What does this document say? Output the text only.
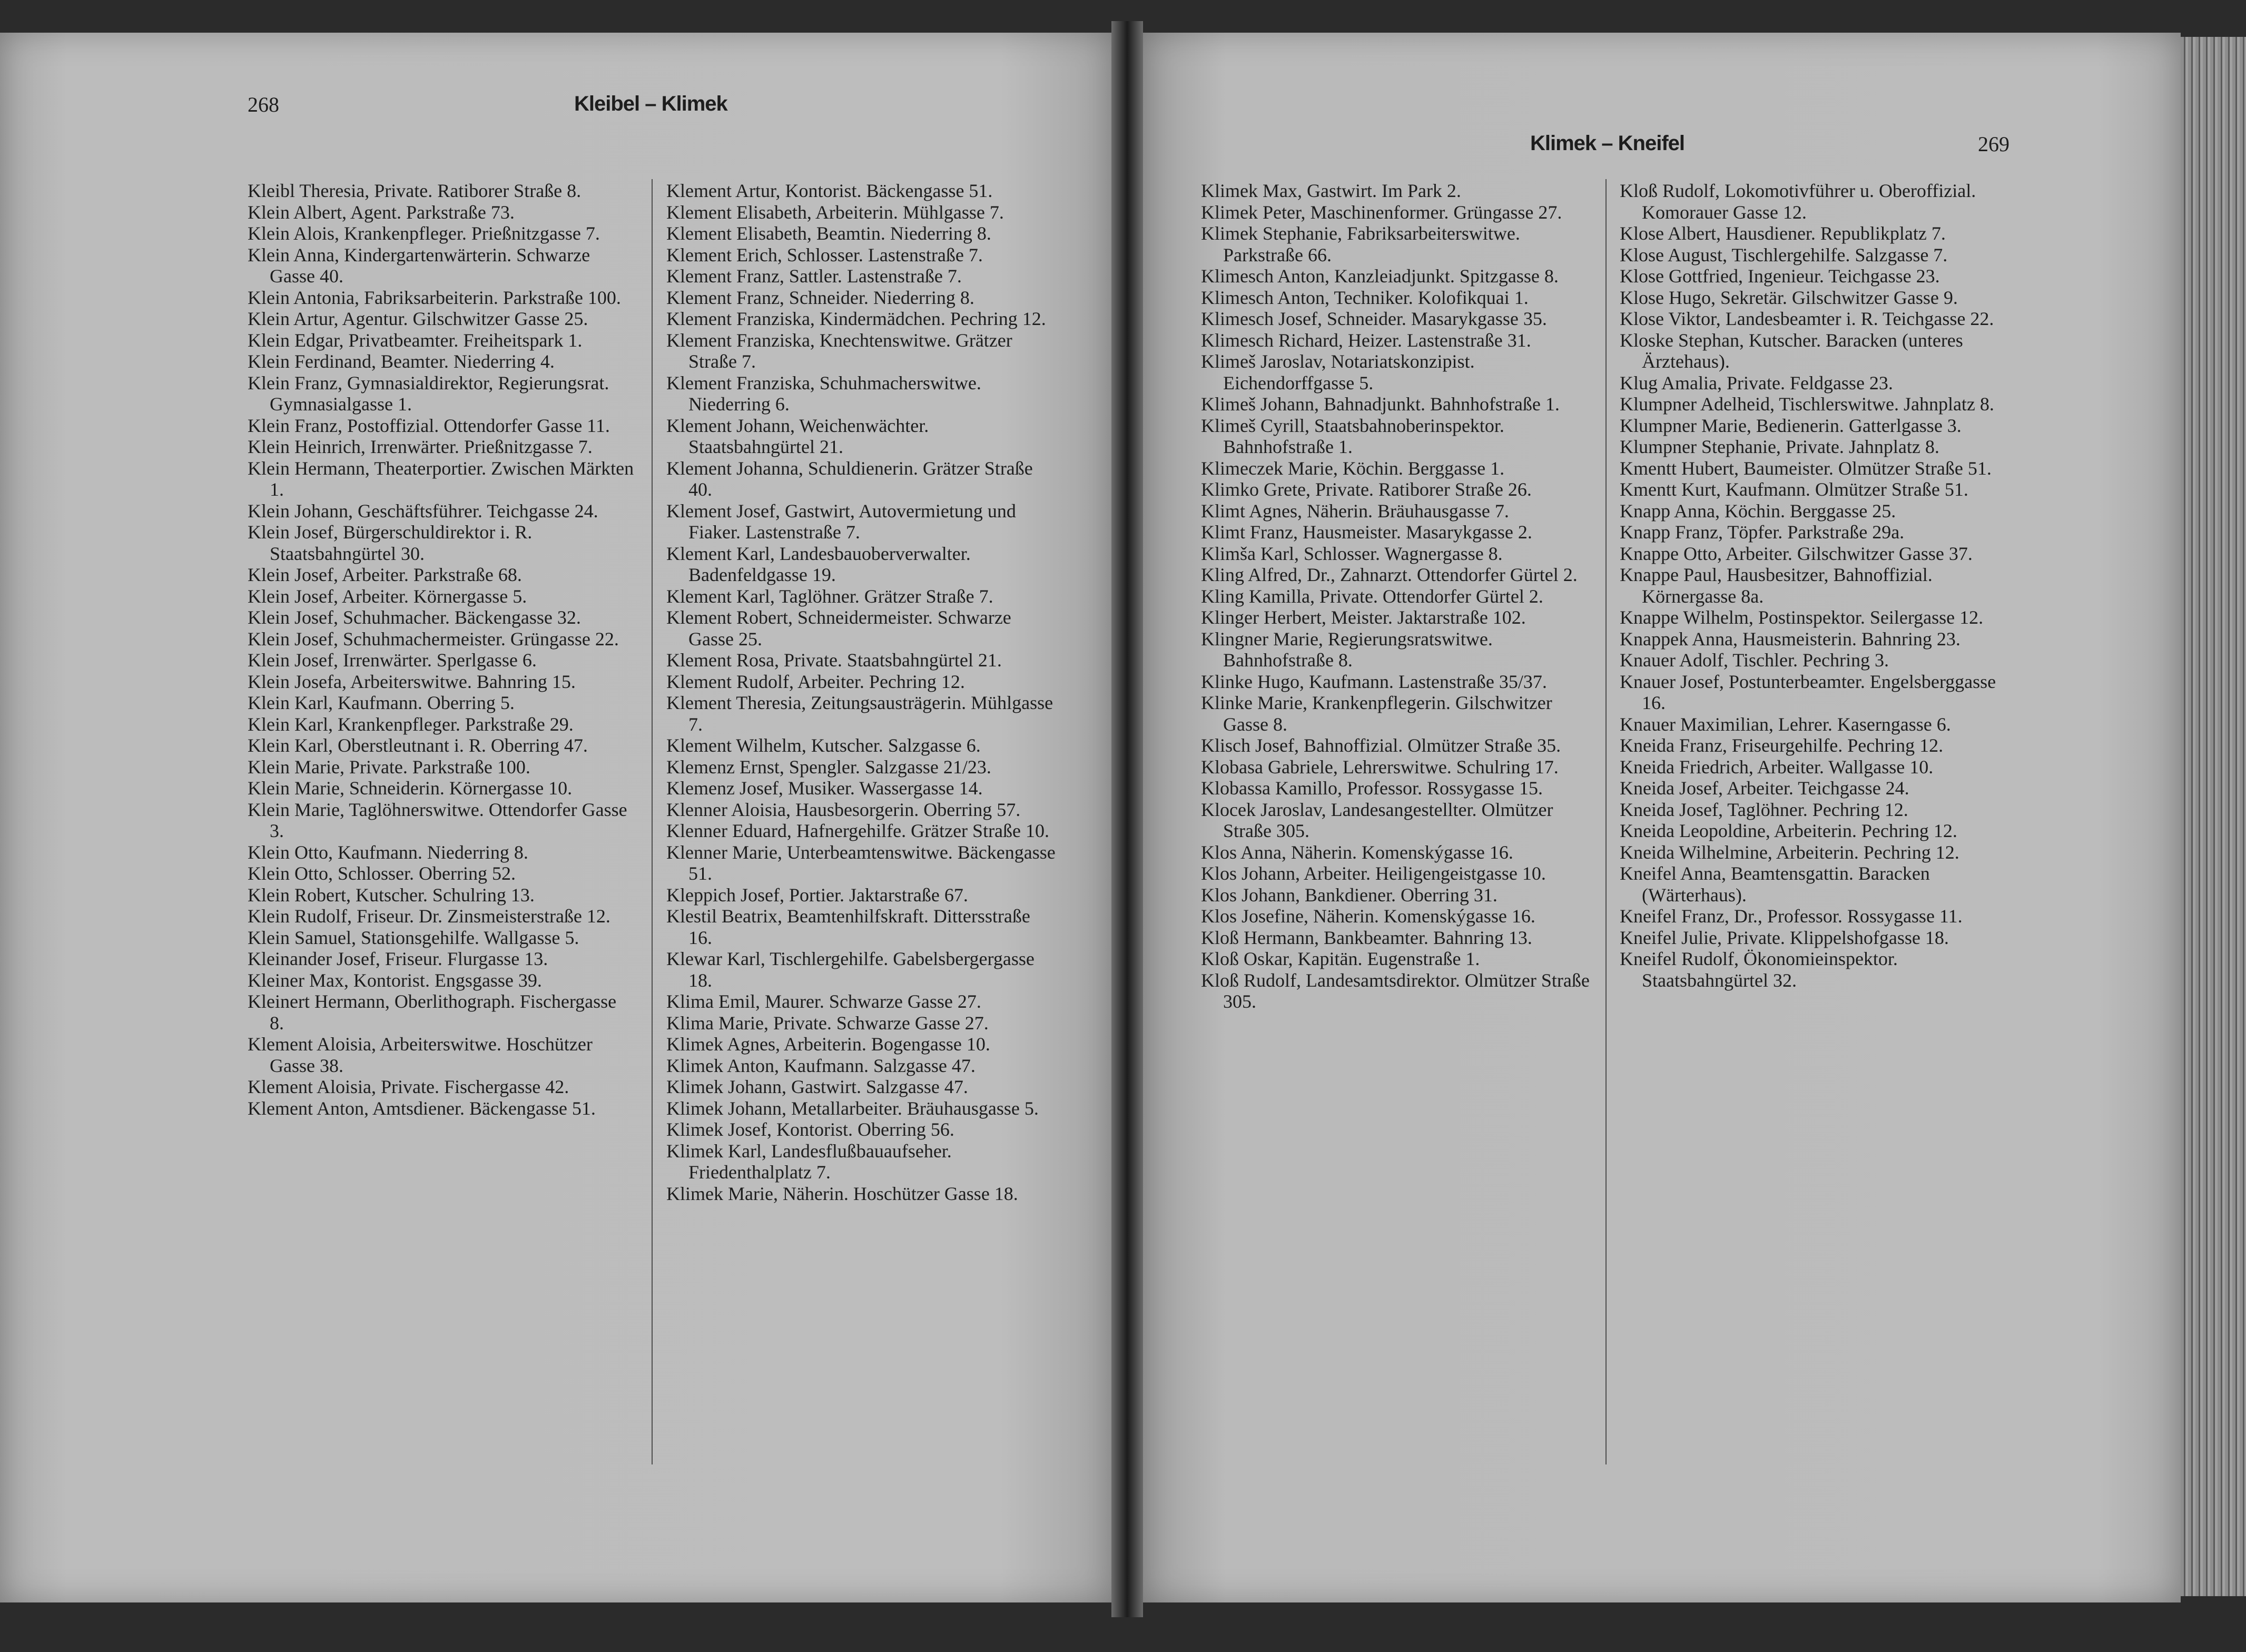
268	Kleibel – Klimek
Klimek – Kneifel	269

Kleibl Theresia, Private. Ratiborer Straße 8.

Klein Albert, Agent. Parkstraße 73.

Klein Alois, Krankenpfleger. Prießnitzgasse 7.

Klein Anna, Kindergartenwärterin. Schwarze Gasse 40.

Klein Antonia, Fabriksarbeiterin. Parkstraße 100.

Klein Artur, Agentur. Gilschwitzer Gasse 25.

Klein Edgar, Privatbeamter. Freiheitspark 1.

Klein Ferdinand, Beamter. Niederring 4.

Klein Franz, Gymnasialdirektor, Regierungsrat. Gymnasialgasse 1.

Klein Franz, Postoffizial. Ottendorfer Gasse 11.

Klein Heinrich, Irrenwärter. Prießnitzgasse 7.

Klein Hermann, Theaterportier. Zwischen Märkten 1.

Klein Johann, Geschäftsführer. Teichgasse 24.

Klein Josef, Bürgerschuldirektor i. R. Staatsbahngürtel 30.

Klein Josef, Arbeiter. Parkstraße 68.

Klein Josef, Arbeiter. Körnergasse 5.

Klein Josef, Schuhmacher. Bäckengasse 32.

Klein Josef, Schuhmachermeister. Grüngasse 22.

Klein Josef, Irrenwärter. Sperlgasse 6.

Klein Josefa, Arbeiterswitwe. Bahnring 15.

Klein Karl, Kaufmann. Oberring 5.

Klein Karl, Krankenpfleger. Parkstraße 29.

Klein Karl, Oberstleutnant i. R. Oberring 47.

Klein Marie, Private. Parkstraße 100.

Klein Marie, Schneiderin. Körnergasse 10.

Klein Marie, Taglöhnerswitwe. Ottendorfer Gasse 3.

Klein Otto, Kaufmann. Niederring 8.

Klein Otto, Schlosser. Oberring 52.

Klein Robert, Kutscher. Schulring 13.

Klein Rudolf, Friseur. Dr. Zinsmeisterstraße 12.

Klein Samuel, Stationsgehilfe. Wallgasse 5.

Kleinander Josef, Friseur. Flurgasse 13.

Kleiner Max, Kontorist. Engsgasse 39.

Kleinert Hermann, Oberlithograph. Fischergasse 8.

Klement Aloisia, Arbeiterswitwe. Hoschützer Gasse 38.

Klement Aloisia, Private. Fischergasse 42.

Klement Anton, Amtsdiener. Bäckengasse 51.

Klement Artur, Kontorist. Bäckengasse 51.

Klement Elisabeth, Arbeiterin. Mühlgasse 7.

Klement Elisabeth, Beamtin. Niederring 8.

Klement Erich, Schlosser. Lastenstraße 7.

Klement Franz, Sattler. Lastenstraße 7.

Klement Franz, Schneider. Niederring 8.

Klement Franziska, Kindermädchen. Pechring 12.

Klement Franziska, Knechtenswitwe. Grätzer Straße 7.

Klement Franziska, Schuhmacherswitwe. Niederring 6.

Klement Johann, Weichenwächter. Staatsbahngürtel 21.

Klement Johanna, Schuldienerin. Grätzer Straße 40.

Klement Josef, Gastwirt, Autovermietung und Fiaker. Lastenstraße 7.

Klement Karl, Landesbauoberverwalter. Badenfeldgasse 19.

Klement Karl, Taglöhner. Grätzer Straße 7.

Klement Robert, Schneidermeister. Schwarze Gasse 25.

Klement Rosa, Private. Staatsbahngürtel 21.

Klement Rudolf, Arbeiter. Pechring 12.

Klement Theresia, Zeitungsausträgerin. Mühlgasse 7.

Klement Wilhelm, Kutscher. Salzgasse 6.

Klemenz Ernst, Spengler. Salzgasse 21/23.

Klemenz Josef, Musiker. Wassergasse 14.

Klenner Aloisia, Hausbesorgerin. Oberring 57.

Klenner Eduard, Hafnergehilfe. Grätzer Straße 10.

Klenner Marie, Unterbeamtenswitwe. Bäckengasse 51.

Kleppich Josef, Portier. Jaktarstraße 67.

Klestil Beatrix, Beamtenhilfskraft. Dittersstraße 16.

Klewar Karl, Tischlergehilfe. Gabelsbergergasse 18.

Klima Emil, Maurer. Schwarze Gasse 27.

Klima Marie, Private. Schwarze Gasse 27.

Klimek Agnes, Arbeiterin. Bogengasse 10.

Klimek Anton, Kaufmann. Salzgasse 47.

Klimek Johann, Gastwirt. Salzgasse 47.

Klimek Johann, Metallarbeiter. Bräuhausgasse 5.

Klimek Josef, Kontorist. Oberring 56.

Klimek Karl, Landesflußbauaufseher. Friedenthalplatz 7.

Klimek Marie, Näherin. Hoschützer Gasse 18.

Klimek Max, Gastwirt. Im Park 2.

Klimek Peter, Maschinenformer. Grüngasse 27.

Klimek Stephanie, Fabriksarbeiterswitwe. Parkstraße 66.

Klimesch Anton, Kanzleiadjunkt. Spitzgasse 8.

Klimesch Anton, Techniker. Kolofikquai 1.

Klimesch Josef, Schneider. Masarykgasse 35.

Klimesch Richard, Heizer. Lastenstraße 31.

Klimeš Jaroslav, Notariatskonzipist. Eichendorffgasse 5.

Klimeš Johann, Bahnadjunkt. Bahnhofstraße 1.

Klimeš Cyrill, Staatsbahnoberinspektor. Bahnhofstraße 1.

Klimeczek Marie, Köchin. Berggasse 1.

Klimko Grete, Private. Ratiborer Straße 26.

Klimt Agnes, Näherin. Bräuhausgasse 7.

Klimt Franz, Hausmeister. Masarykgasse 2.

Klimša Karl, Schlosser. Wagnergasse 8.

Kling Alfred, Dr., Zahnarzt. Ottendorfer Gürtel 2.

Kling Kamilla, Private. Ottendorfer Gürtel 2.

Klinger Herbert, Meister. Jaktarstraße 102.

Klingner Marie, Regierungsratswitwe. Bahnhofstraße 8.

Klinke Hugo, Kaufmann. Lastenstraße 35/37.

Klinke Marie, Krankenpflegerin. Gilschwitzer Gasse 8.

Klisch Josef, Bahnoffizial. Olmützer Straße 35.

Klobasa Gabriele, Lehrerswitwe. Schulring 17.

Klobassa Kamillo, Professor. Rossygasse 15.

Klocek Jaroslav, Landesangestellter. Olmützer Straße 305.

Klos Anna, Näherin. Komenskýgasse 16.

Klos Johann, Arbeiter. Heiligengeistgasse 10.

Klos Johann, Bankdiener. Oberring 31.

Klos Josefine, Näherin. Komenskýgasse 16.

Kloß Hermann, Bankbeamter. Bahnring 13.

Kloß Oskar, Kapitän. Eugenstraße 1.

Kloß Rudolf, Landesamtsdirektor. Olmützer Straße 305.

Kloß Rudolf, Lokomotivführer u. Oberoffizial. Komorauer Gasse 12.

Klose Albert, Hausdiener. Republikplatz 7.

Klose August, Tischlergehilfe. Salzgasse 7.

Klose Gottfried, Ingenieur. Teichgasse 23.

Klose Hugo, Sekretär. Gilschwitzer Gasse 9.

Klose Viktor, Landesbeamter i. R. Teichgasse 22.

Kloske Stephan, Kutscher. Baracken (unteres Ärztehaus).

Klug Amalia, Private. Feldgasse 23.

Klumpner Adelheid, Tischlerswitwe. Jahnplatz 8.

Klumpner Marie, Bedienerin. Gatterlgasse 3.

Klumpner Stephanie, Private. Jahnplatz 8.

Kmentt Hubert, Baumeister. Olmützer Straße 51.

Kmentt Kurt, Kaufmann. Olmützer Straße 51.

Knapp Anna, Köchin. Berggasse 25.

Knapp Franz, Töpfer. Parkstraße 29a.

Knappe Otto, Arbeiter. Gilschwitzer Gasse 37.

Knappe Paul, Hausbesitzer, Bahnoffizial. Körnergasse 8a.

Knappe Wilhelm, Postinspektor. Seilergasse 12.

Knappek Anna, Hausmeisterin. Bahnring 23.

Knauer Adolf, Tischler. Pechring 3.

Knauer Josef, Postunterbeamter. Engelsberggasse 16.

Knauer Maximilian, Lehrer. Kaserngasse 6.

Kneida Franz, Friseurgehilfe. Pechring 12.

Kneida Friedrich, Arbeiter. Wallgasse 10.

Kneida Josef, Arbeiter. Teichgasse 24.

Kneida Josef, Taglöhner. Pechring 12.

Kneida Leopoldine, Arbeiterin. Pechring 12.

Kneida Wilhelmine, Arbeiterin. Pechring 12.

Kneifel Anna, Beamtensgattin. Baracken (Wärterhaus).

Kneifel Franz, Dr., Professor. Rossygasse 11.

Kneifel Julie, Private. Klippelshofgasse 18.

Kneifel Rudolf, Ökonomieinspektor. Staatsbahngürtel 32.
